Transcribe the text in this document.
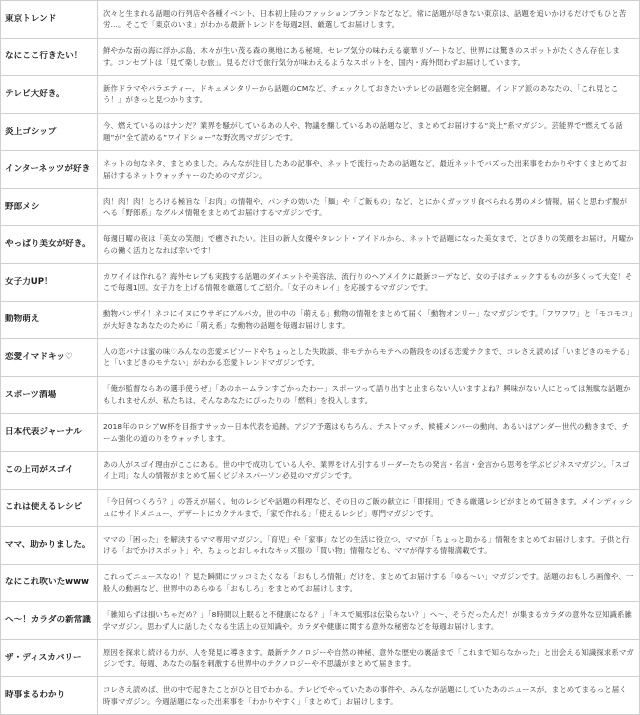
東京トレンド	次々と生まれる話題の行列店や各種イベント、日本初上陸のファッションブランドなどなど。常に話題が尽きない東京は、話題を追いかけるだけでもひと苦労…。そこで「東京のいま」がわかる最新トレンドを毎週2回、厳選してお届けします。

なにここ行きたい！	鮮やかな南の海に浮かぶ島、木々が生い茂る森の奥地にある秘境、セレブ気分の味わえる豪華リゾートなど、世界には驚きのスポットがたくさん存在します。コンセプトは「見て楽しむ旅」。見るだけで旅行気分が味わえるようなスポットを、国内・海外問わずお届けしています。

テレビ大好き。	新作ドラマやバラエティー、ドキュメンタリーから話題のCMなど、チェックしておきたいテレビの話題を完全網羅。インドア派のあなたの、「これ見とこう！」がきっと見つかります。

炎上ゴシップ	今、燃えているのはナンだ？業界を騒がしているあの人や、物議を醸しているあの話題など、まとめてお届けする“炎上”系マガジン。芸能界で“燃えてる話題”が“全て読める”ワイドショー”な野次馬マガジンです。

インターネッツが好き	ネットの旬なネタ、まとめました。みんなが注目したあの記事や、ネットで流行ったあの話題など、最近ネットでバズった出来事をわかりやすくまとめてお届けするネットウォッチャーのためのマガジン。

野郎メシ	肉！肉！肉！とろける極旨な「お肉」の情報や、パンチの効いた「麺」や「ご飯もの」など、とにかくガッツリ食べられる男のメシ情報。届くと思わず腹がへる「野郎系」なグルメ情報をまとめてお届けするマガジンです。

やっぱり美女が好き。	毎週日曜の夜は「美女の笑顔」で癒されたい。注目の新人女優やタレント・アイドルから、ネットで話題になった美女まで、とびきりの笑顔をお届け。月曜からの働く活力となれば幸いです！

女子力UP！	カワイイは作れる？海外セレブも実践する話題のダイエットや美容法、流行りのヘアメイクに最新コーデなど、女の子はチェックするものが多くって大変！そこで毎週1回、女子力を上げる情報を厳選してご紹介。「女子のキレイ」を応援するマガジンです。

動物萌え	動物パンザイ！ネコにイヌにウサギにアルパカ。世の中の「萌える」動物の情報をまとめて届く「動物オンリー」なマガジンです。「フワフワ」と「モコモコ」が大好きなあなたのために「萌え系」な動物の話題を毎週お届けします。

恋愛イマドキッ♡	人の恋バナは蜜の味♡みんなの恋愛エピソードやちょっとした失敗談、非モテからモテへの階段をのぼる恋愛テクまで、コレさえ読めば「いまどきのモテる」と「いまどきのモテない」がわかる恋愛トレンドマガジンです。

スポーツ酒場	「俺が監督ならあの選手使うぜ」「あのホームランすごかったわー」スポーツって語り出すと止まらない人いますよね？興味がない人にとっては無駄な話題かもしれませんが、私たちは、そんなあなたにぴったりの「燃料」を投入します。

日本代表ジャーナル	2018年のロシアW杯を目指すサッカー日本代表を追跡。アジア予選はもちろん、テストマッチ、候補メンバーの動向、あるいはアンダー世代の動きまで、チーム強化の道のりをウォッチします。

この上司がスゴイ	あの人がスゴイ理由がここにある。世の中で成功している人や、業界をけん引するリーダーたちの発言・名言・金言から思考を学ぶビジネスマガジン。「スゴイ上司」な人の情報がまとめて届くビジネスパーソン必見のマガジンです。

これは使えるレシピ	「今日何つくろう？」の答えが届く。旬のレシピや話題の料理など、その日のご飯の献立に「即採用」できる厳選レシピがまとめて届きます。メインディッシュにサイドメニュー、デザートにカクテルまで、「家で作れる」「使えるレシピ」専門マガジンです。

ママ、助かりました。	ママの「困った」を解決するママ専用マガジン。「育児」や「家事」などの生活に役立つ、ママが「ちょっと助かる」情報をまとめてお届けします。子供と行ける「おでかけスポット」や、ちょっとおしゃれなキッズ服の「買い物」情報なども、ママが得する情報満載です。

なにこれ吹いたwww	これってニュースなの！？見た瞬間にツッコミたくなる「おもしろ情報」だけを、まとめてお届けする「ゆる〜い」マガジンです。話題のおもしろ画像や、一般人の動画など、世界中のあらゆる「おもしろ」をまとめてお届けします。

へ～！カラダの新常識	「雑知らずは損いちゃだめ？」「8時間以上眠ると不健康になる？」「キスで風邪は伝染らない？」へ～、そうだったんだ！が集まるカラダの意外な豆知識系雑学マガジン。思わず人に話したくなる生活上の豆知識や、カラダや健康に関する意外な秘密などを毎週お届けします。

ザ・ディスカバリー	原因を探求し続ける力が、人を発見に導きます。最新テクノロジーや自然の神秘、意外な歴史の裏話まで「これまで知らなかった」と出会える知識探求系マガジンです。毎週、あなたの脳を刺激する世界中のテクノロジーや不思議がまとめて届きます。

時事まるわかり	コレさえ読めば、世の中で起きたことがひと目でわかる。テレビでやっていたあの事件や、みんなが話題にしていたあのニュースが、まとめてまるっと届く時事マガジン。今週話題になった出来事を「わかりやすく」「まとめて」お届けします。
